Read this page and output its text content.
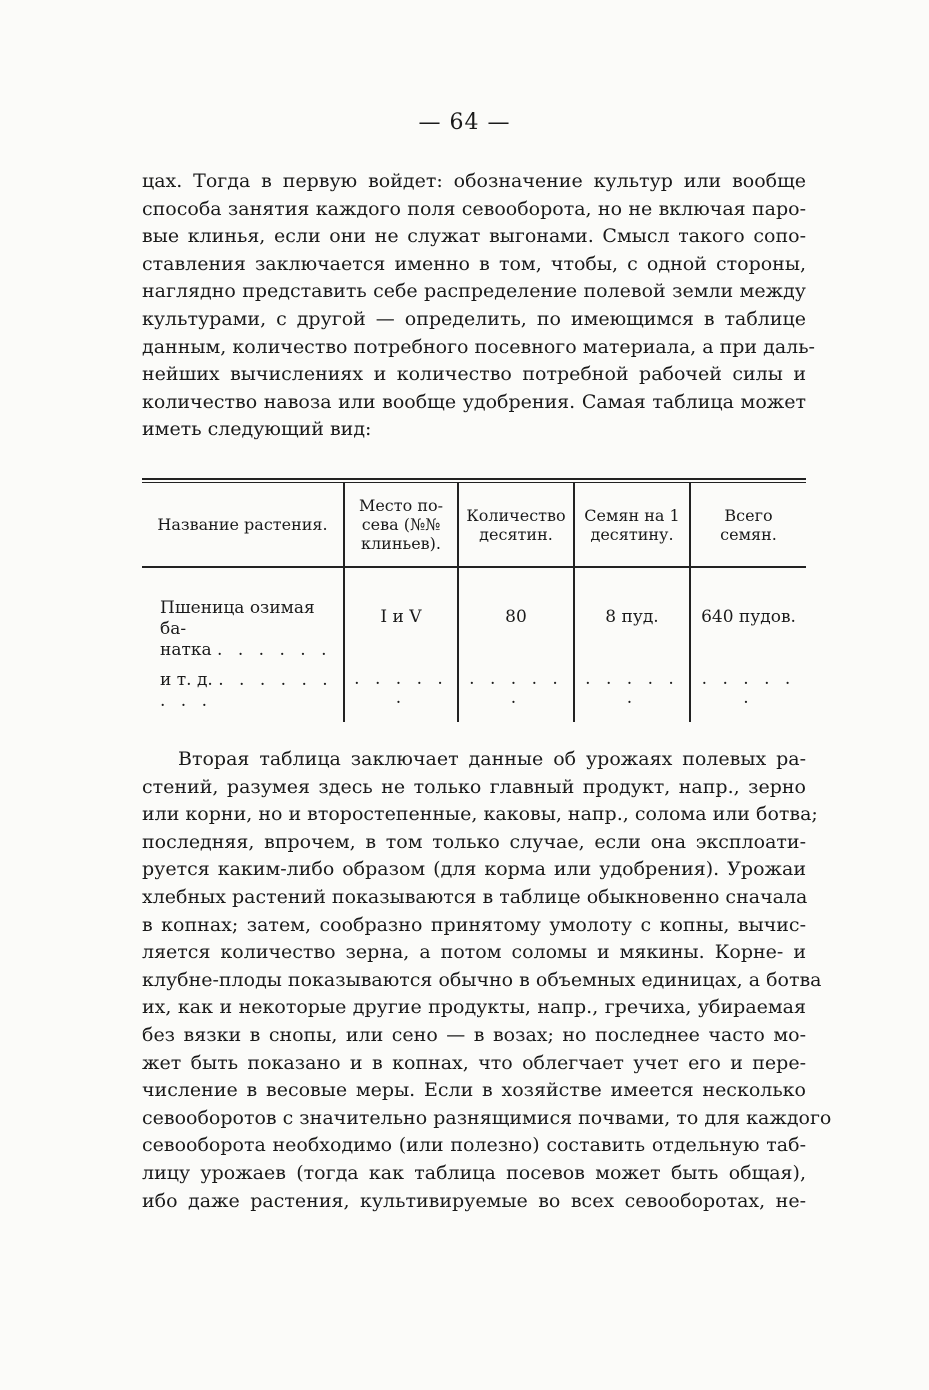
— 64 —

цах. Тогда в первую войдет: обозначение культур или вообще
способа занятия каждого поля севооборота, но не включая паро-
вые клинья, если они не служат выгонами. Смысл такого сопо-
ставления заключается именно в том, чтобы, с одной стороны,
наглядно представить себе распределение полевой земли между
культурами, с другой — определить, по имеющимся в таблице
данным, количество потребного посевного материала, а при даль-
нейших вычислениях и количество потребной рабочей силы и
количество навоза или вообще удобрения. Самая таблица может
иметь следующий вид:

Название растения.	Место по-сева (№№ клиньев).	Количество десятин.	Семян на 1 десятину.	Всего семян.
Пшеница озимая ба-
натка . . . . . .	I и V	80	8 пуд.	640 пудов.
и т. д. . . . . . . . . .	. . . . . .	. . . . . .	. . . . . .	. . . . . .

Вторая таблица заключает данные об урожаях полевых ра-
стений, разумея здесь не только главный продукт, напр., зерно
или корни, но и второстепенные, каковы, напр., солома или ботва;
последняя, впрочем, в том только случае, если она эксплоати-
руется каким-либо образом (для корма или удобрения). Урожаи
хлебных растений показываются в таблице обыкновенно сначала
в копнах; затем, сообразно принятому умолоту с копны, вычис-
ляется количество зерна, а потом соломы и мякины. Корне- и
клубне-плоды показываются обычно в объемных единицах, а ботва
их, как и некоторые другие продукты, напр., гречиха, убираемая
без вязки в снопы, или сено — в возах; но последнее часто мо-
жет быть показано и в копнах, что облегчает учет его и пере-
числение в весовые меры. Если в хозяйстве имеется несколько
севооборотов с значительно разнящимися почвами, то для каждого
севооборота необходимо (или полезно) составить отдельную таб-
лицу урожаев (тогда как таблица посевов может быть общая),
ибо даже растения, культивируемые во всех севооборотах, не-
